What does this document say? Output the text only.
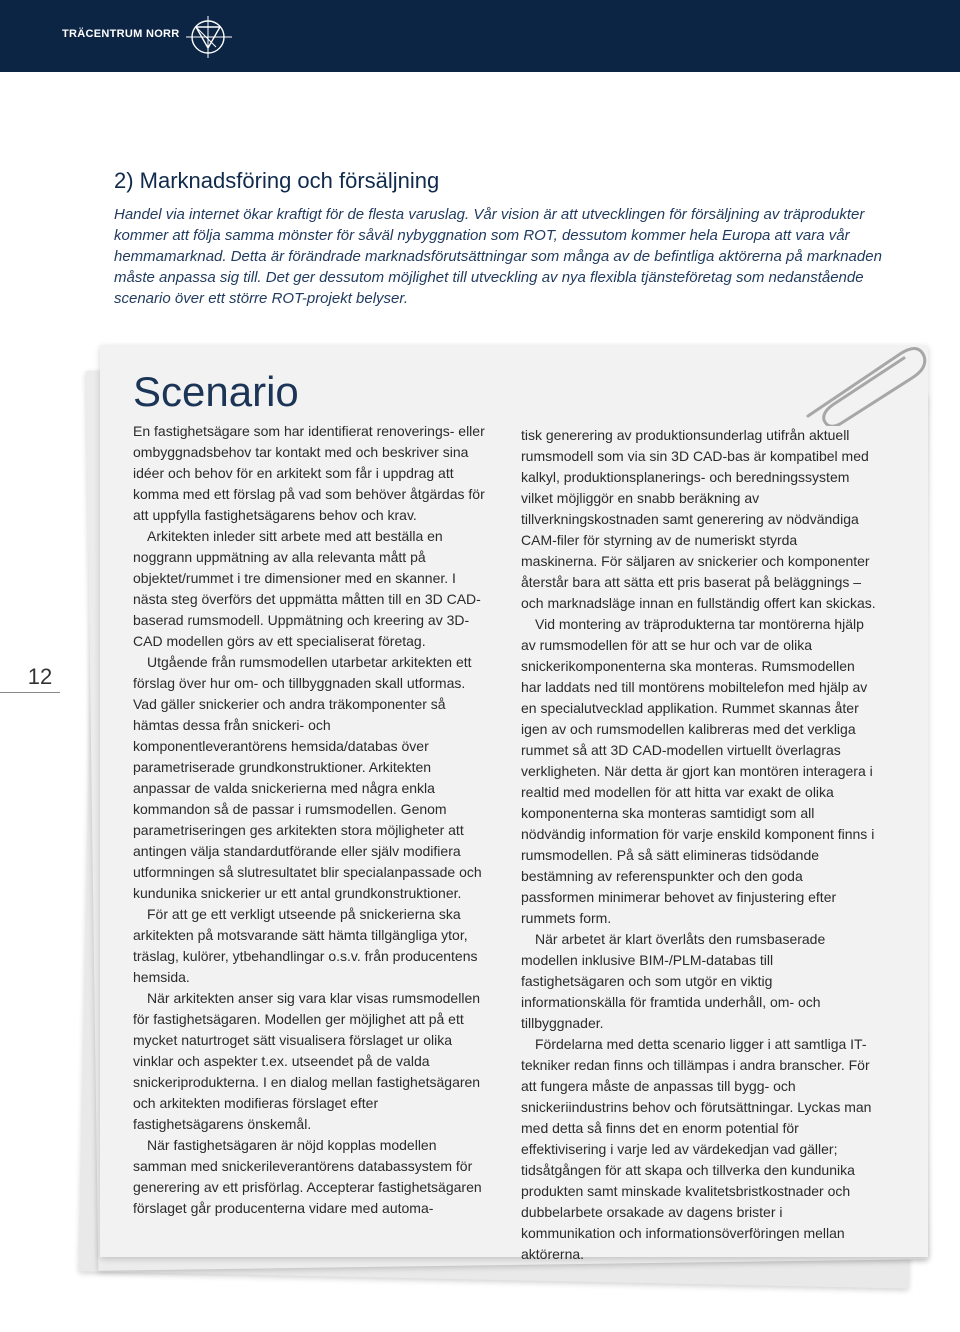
TRÄCENTRUM NORR
2) Marknadsföring och försäljning

Handel via internet ökar kraftigt för de flesta varuslag. Vår vision är att utvecklingen för försäljning av träprodukter kommer att följa samma mönster för såväl nybyggnation som ROT, dessutom kommer hela Europa att vara vår hemmamarknad. Detta är förändrade marknadsförutsättningar som många av de befintliga aktörerna på marknaden måste anpassa sig till. Det ger dessutom möjlighet till utveckling av nya flexibla tjänsteföretag som nedanstående scenario över ett större ROT-projekt belyser.

12
Scenario

En fastighetsägare som har identifierat renoverings- eller ombyggnadsbehov tar kontakt med och beskriver sina idéer och behov för en arkitekt som får i uppdrag att komma med ett förslag på vad som behöver åtgärdas för att uppfylla fastighetsägarens behov och krav.

Arkitekten inleder sitt arbete med att beställa en noggrann uppmätning av alla relevanta mått på objektet/rummet i tre dimensioner med en skanner. I nästa steg överförs det uppmätta måtten till en 3D CAD-baserad rumsmodell. Uppmätning och kreering av 3D-CAD modellen görs av ett specialiserat företag.

Utgående från rumsmodellen utarbetar arkitekten ett förslag över hur om- och tillbyggnaden skall utformas. Vad gäller snickerier och andra träkomponenter så hämtas dessa från snickeri- och komponentleverantörens hemsida/databas över parametriserade grundkonstruktioner. Arkitekten anpassar de valda snickerierna med några enkla kommandon så de passar i rumsmodellen. Genom parametriseringen ges arkitekten stora möjligheter att antingen välja standardutförande eller själv modifiera utformningen så slutresultatet blir specialanpassade och kundunika snickerier ur ett antal grundkonstruktioner.

För att ge ett verkligt utseende på snickerierna ska arkitekten på motsvarande sätt hämta tillgängliga ytor, träslag, kulörer, ytbehandlingar o.s.v. från producentens hemsida.

När arkitekten anser sig vara klar visas rumsmodellen för fastighetsägaren. Modellen ger möjlighet att på ett mycket naturtroget sätt visualisera förslaget ur olika vinklar och aspekter t.ex. utseendet på de valda snickeriprodukterna. I en dialog mellan fastighetsägaren och arkitekten modifieras förslaget efter fastighetsägarens önskemål.

När fastighetsägaren är nöjd kopplas modellen samman med snickerileverantörens databassystem för generering av ett prisförlag. Accepterar fastighetsägaren förslaget går producenterna vidare med automa-

tisk generering av produktionsunderlag utifrån aktuell rumsmodell som via sin 3D CAD-bas är kompatibel med kalkyl, produktionsplanerings- och beredningssystem vilket möjliggör en snabb beräkning av tillverkningskostnaden samt generering av nödvändiga CAM-filer för styrning av de numeriskt styrda maskinerna. För säljaren av snickerier och komponenter återstår bara att sätta ett pris baserat på beläggnings – och marknadsläge innan en fullständig offert kan skickas.

Vid montering av träprodukterna tar montörerna hjälp av rumsmodellen för att se hur och var de olika snickerikomponenterna ska monteras. Rumsmodellen har laddats ned till montörens mobiltelefon med hjälp av en specialutvecklad applikation. Rummet skannas åter igen av och rumsmodellen kalibreras med det verkliga rummet så att 3D CAD-modellen virtuellt överlagras verkligheten. När detta är gjort kan montören interagera i realtid med modellen för att hitta var exakt de olika komponenterna ska monteras samtidigt som all nödvändig information för varje enskild komponent finns i rumsmodellen. På så sätt elimineras tidsödande bestämning av referenspunkter och den goda passformen minimerar behovet av finjustering efter rummets form.

När arbetet är klart överlåts den rumsbaserade modellen inklusive BIM-/PLM-databas till fastighetsägaren och som utgör en viktig informationskälla för framtida underhåll, om- och tillbyggnader.

Fördelarna med detta scenario ligger i att samtliga IT-tekniker redan finns och tillämpas i andra branscher. För att fungera måste de anpassas till bygg- och snickeriindustrins behov och förutsättningar. Lyckas man med detta så finns det en enorm potential för effektivisering i varje led av värdekedjan vad gäller; tidsåtgången för att skapa och tillverka den kundunika produkten samt minskade kvalitetsbristkostnader och dubbelarbete orsakade av dagens brister i kommunikation och informationsöverföringen mellan aktörerna.
